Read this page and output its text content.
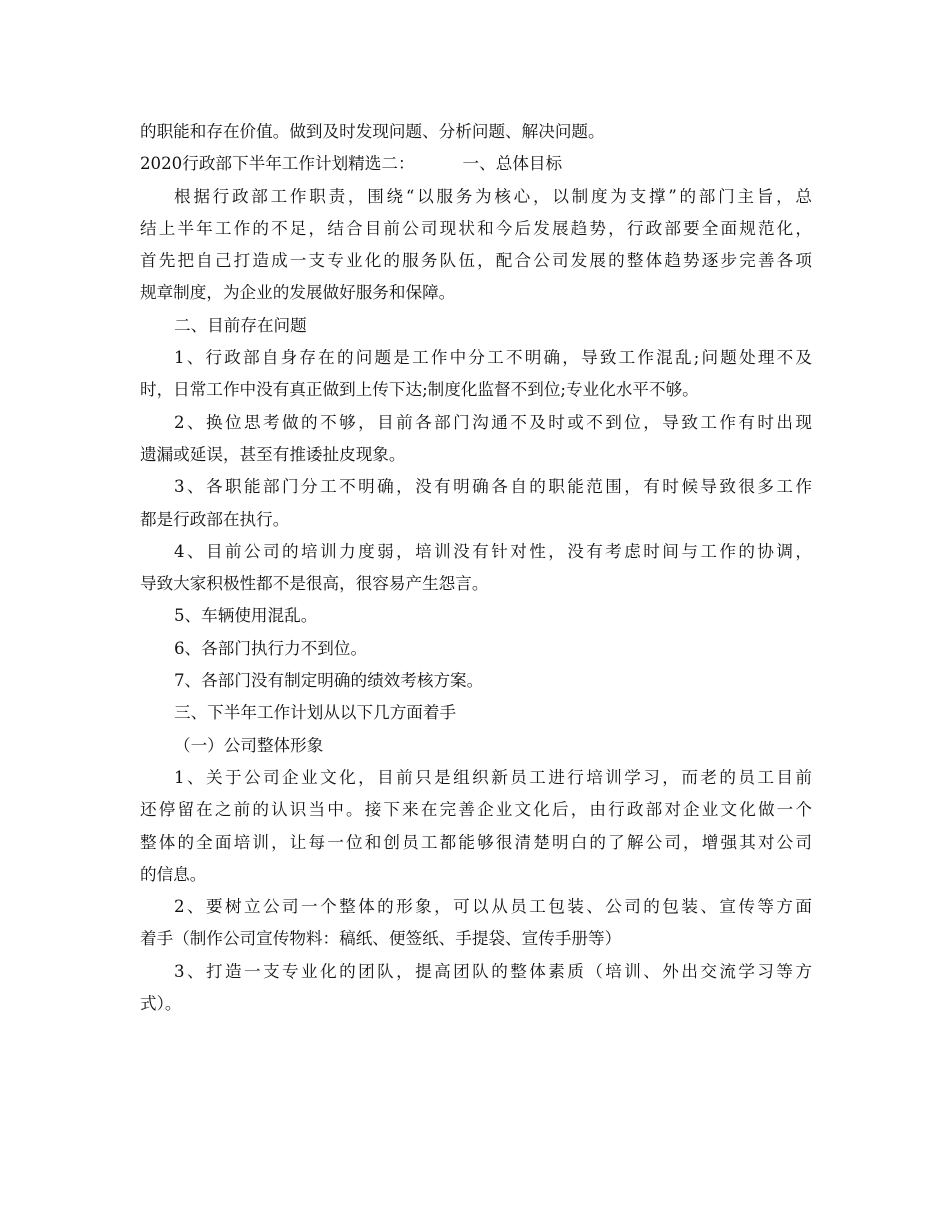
的职能和存在价值。做到及时发现问题、分析问题、解决问题。
2020行政部下半年工作计划精选二：	一、总体目标
根据行政部工作职责，围绕“以服务为核心，以制度为支撑”的部门主旨，总
结上半年工作的不足，结合目前公司现状和今后发展趋势，行政部要全面规范化，
首先把自己打造成一支专业化的服务队伍，配合公司发展的整体趋势逐步完善各项
规章制度，为企业的发展做好服务和保障。
二、目前存在问题
1、行政部自身存在的问题是工作中分工不明确，导致工作混乱;问题处理不及
时，日常工作中没有真正做到上传下达;制度化监督不到位;专业化水平不够。
2、换位思考做的不够，目前各部门沟通不及时或不到位，导致工作有时出现
遗漏或延误，甚至有推诿扯皮现象。
3、各职能部门分工不明确，没有明确各自的职能范围，有时候导致很多工作
都是行政部在执行。
4、目前公司的培训力度弱，培训没有针对性，没有考虑时间与工作的协调，
导致大家积极性都不是很高，很容易产生怨言。
5、车辆使用混乱。
6、各部门执行力不到位。
7、各部门没有制定明确的绩效考核方案。
三、下半年工作计划从以下几方面着手
（一）公司整体形象
1、关于公司企业文化，目前只是组织新员工进行培训学习，而老的员工目前
还停留在之前的认识当中。接下来在完善企业文化后，由行政部对企业文化做一个
整体的全面培训，让每一位和创员工都能够很清楚明白的了解公司，增强其对公司
的信息。
2、要树立公司一个整体的形象，可以从员工包装、公司的包装、宣传等方面
着手（制作公司宣传物料：稿纸、便签纸、手提袋、宣传手册等）
3、打造一支专业化的团队，提高团队的整体素质（培训、外出交流学习等方
式）。
